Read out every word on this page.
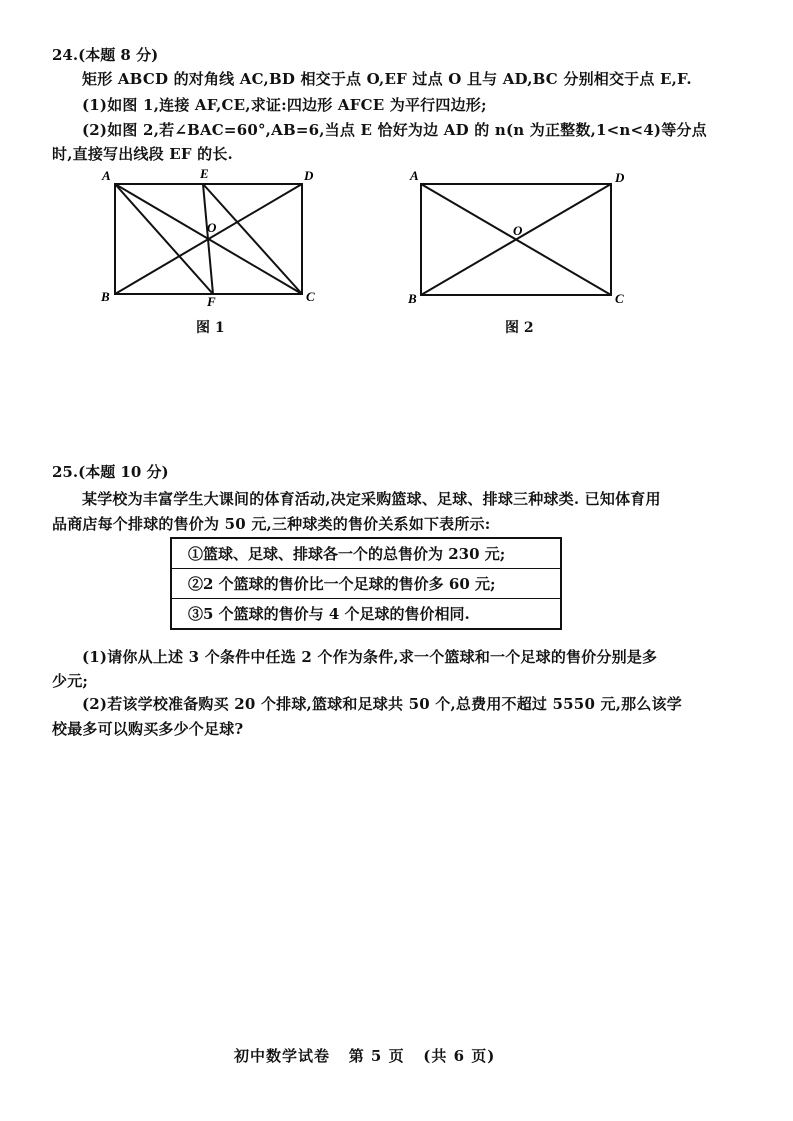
24.(本题 8 分)
矩形 ABCD 的对角线 AC,BD 相交于点 O,EF 过点 O 且与 AD,BC 分别相交于点 E,F.
(1)如图 1,连接 AF,CE,求证:四边形 AFCE 为平行四边形;
(2)如图 2,若∠BAC=60°,AB=6,当点 E 恰好为边 AD 的 n(n 为正整数,1<n<4)等分点
时,直接写出线段 EF 的长.
A	E	D
O
B	F	C
图 1
A	D
O
B	C
图 2
25.(本题 10 分)
某学校为丰富学生大课间的体育活动,决定采购篮球、足球、排球三种球类. 已知体育用
品商店每个排球的售价为 50 元,三种球类的售价关系如下表所示:
①篮球、足球、排球各一个的总售价为 230 元;
②2 个篮球的售价比一个足球的售价多 60 元;
③5 个篮球的售价与 4 个足球的售价相同.
(1)请你从上述 3 个条件中任选 2 个作为条件,求一个篮球和一个足球的售价分别是多
少元;
(2)若该学校准备购买 20 个排球,篮球和足球共 50 个,总费用不超过 5550 元,那么该学
校最多可以购买多少个足球?
初中数学试卷 第 5 页 (共 6 页)
